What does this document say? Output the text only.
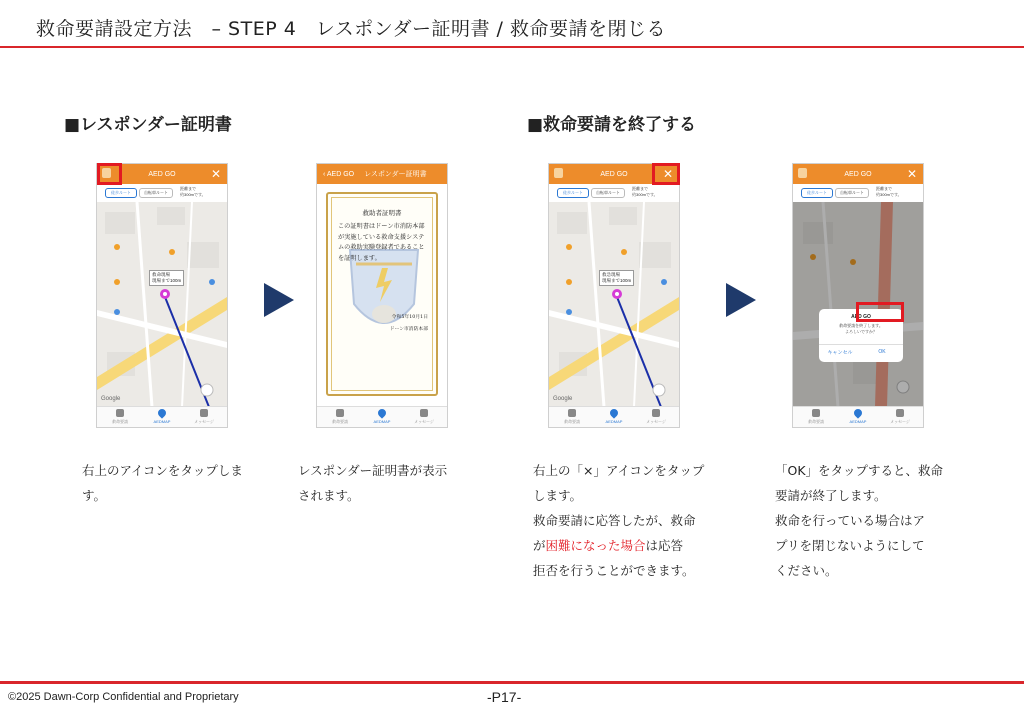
救命要請設定方法　– STEP 4　レスポンダー証明書 / 救命要請を閉じる
■レスポンダー証明書	■救命要請を終了する
AED GO	✕
徒歩ルート	自転車ルート
距離まで
約300mです。
救命現場
現場まで100m
Google
救命要請	AEDMAP	メッセージ
‹ AED GO レスポンダー証明書
救助者証明書
この証明書はドーン市消防本部が実施している救命支援システムの救助実験登録者であることを証明します。
令和5年10月1日
ドーン市消防本部
救命要請	AEDMAP	メッセージ
AED GO	✕
徒歩ルート	自転車ルート
距離まで
約300mです。
救急現場
現場まで100m
Google
救命要請	AEDMAP	メッセージ
AED GO	✕
徒歩ルート	自転車ルート
距離まで
約300mです。
AED GO
救命要請を終了します。
よろしいですか？
キャンセル	OK
救命要請	AEDMAP	メッセージ
右上のアイコンをタップしま
す。
レスポンダー証明書が表示
されます。
右上の「×」アイコンをタップ
します。
救命要請に応答したが、救命
が困難になった場合は応答
拒否を行うことができます。
「OK」をタップすると、救命
要請が終了します。
救命を行っている場合はア
プリを閉じないようにして
ください。
©2025 Dawn-Corp Confidential and Proprietary	-P17-
